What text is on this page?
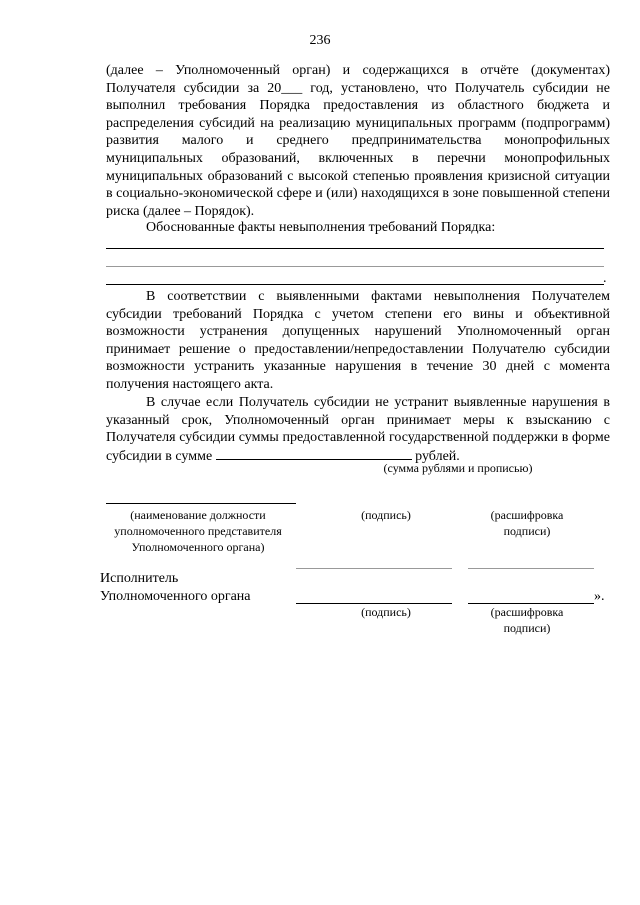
236
(далее – Уполномоченный орган) и содержащихся в отчёте (документах) Получателя субсидии за 20___ год, установлено, что Получатель субсидии не выполнил требования Порядка предоставления из областного бюджета и распределения субсидий на реализацию муниципальных программ (подпрограмм) развития малого и среднего предпринимательства монопрофильных муниципальных образований, включенных в перечни монопрофильных муниципальных образований с высокой степенью проявления кризисной ситуации в социально-экономической сфере и (или) находящихся в зоне повышенной степени риска (далее – Порядок).
Обоснованные факты невыполнения требований Порядка:
.
В соответствии с выявленными фактами невыполнения Получателем субсидии требований Порядка с учетом степени его вины и объективной возможности устранения допущенных нарушений Уполномоченный орган принимает решение о предоставлении/непредоставлении Получателю субсидии возможности устранить указанные нарушения в течение 30 дней с момента получения настоящего акта.
В случае если Получатель субсидии не устранит выявленные нарушения в указанный срок, Уполномоченный орган принимает меры к взысканию с Получателя субсидии суммы предоставленной государственной поддержки в форме субсидии в сумме	рублей.
(сумма рублями и прописью)
(наименование должности уполномоченного представителя Уполномоченного органа)
(подпись)	(расшифровка подписи)
Исполнитель
Уполномоченного органа	».
(подпись)	(расшифровка подписи)
